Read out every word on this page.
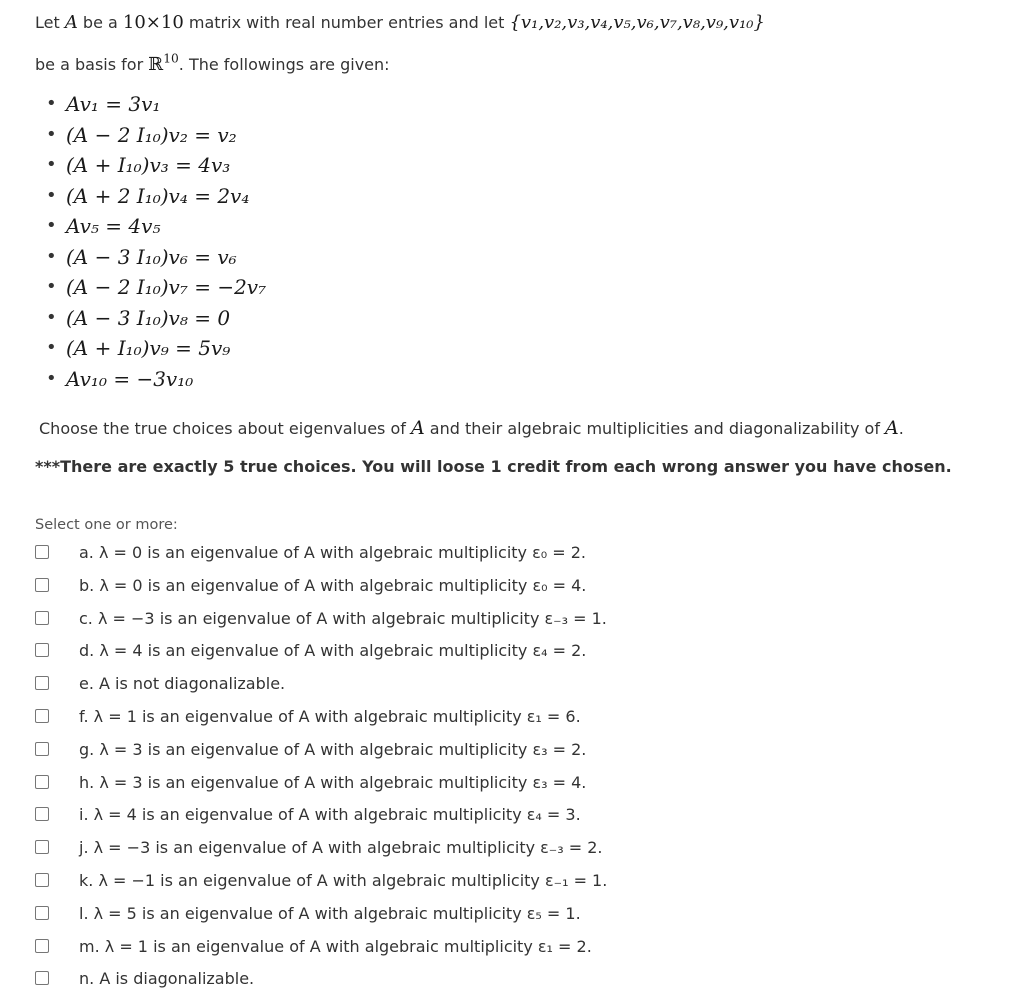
Let A be a 10×10 matrix with real number entries and let {v₁,v₂,v₃,v₄,v₅,v₆,v₇,v₈,v₉,v₁₀}
be a basis for ℝ$^{10}$. The followings are given:
• Av₁ = 3v₁
• (A − 2 I₁₀)v₂ = v₂
• (A + I₁₀)v₃ = 4v₃
• (A + 2 I₁₀)v₄ = 2v₄
• Av₅ = 4v₅
• (A − 3 I₁₀)v₆ = v₆
• (A − 2 I₁₀)v₇ = −2v₇
• (A − 3 I₁₀)v₈ = 0
• (A + I₁₀)v₉ = 5v₉
• Av₁₀ = −3v₁₀
Choose the true choices about eigenvalues of A and their algebraic multiplicities and diagonalizability of A.
***There are exactly 5 true choices. You will loose 1 credit from each wrong answer you have chosen.
Select one or more:
a. λ = 0 is an eigenvalue of A with algebraic multiplicity ε₀ = 2.
b. λ = 0 is an eigenvalue of A with algebraic multiplicity ε₀ = 4.
c. λ = −3 is an eigenvalue of A with algebraic multiplicity ε₋₃ = 1.
d. λ = 4 is an eigenvalue of A with algebraic multiplicity ε₄ = 2.
e. A is not diagonalizable.
f. λ = 1 is an eigenvalue of A with algebraic multiplicity ε₁ = 6.
g. λ = 3 is an eigenvalue of A with algebraic multiplicity ε₃ = 2.
h. λ = 3 is an eigenvalue of A with algebraic multiplicity ε₃ = 4.
i. λ = 4 is an eigenvalue of A with algebraic multiplicity ε₄ = 3.
j. λ = −3 is an eigenvalue of A with algebraic multiplicity ε₋₃ = 2.
k. λ = −1 is an eigenvalue of A with algebraic multiplicity ε₋₁ = 1.
l. λ = 5 is an eigenvalue of A with algebraic multiplicity ε₅ = 1.
m. λ = 1 is an eigenvalue of A with algebraic multiplicity ε₁ = 2.
n. A is diagonalizable.
